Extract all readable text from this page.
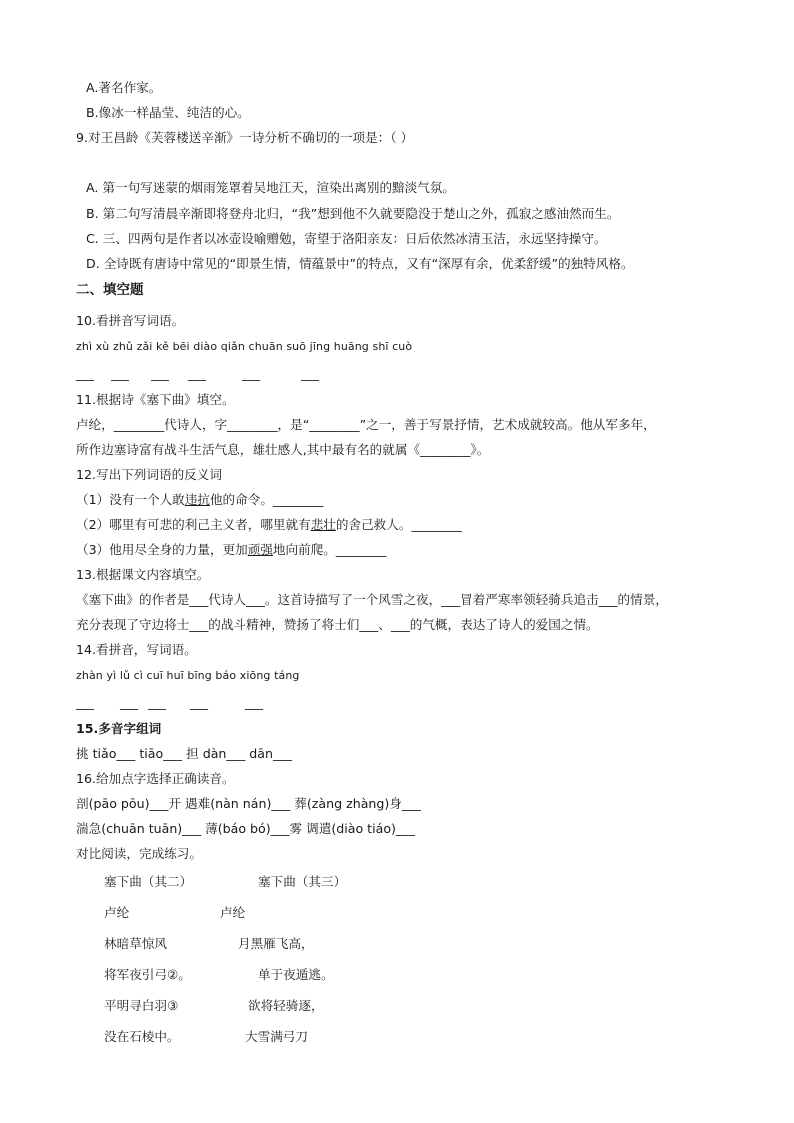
A.著名作家。
B.像冰一样晶莹、纯洁的心。
9.对王昌龄《芙蓉楼送辛渐》一诗分析不确切的一项是：（ ）
A. 第一句写迷蒙的烟雨笼罩着吴地江天，渲染出离别的黯淡气氛。
B. 第二句写清晨辛渐即将登舟北归，“我”想到他不久就要隐没于楚山之外，孤寂之感油然而生。
C. 三、四两句是作者以冰壶设喻赠勉，寄望于洛阳亲友：日后依然冰清玉洁，永远坚持操守。
D. 全诗既有唐诗中常见的“即景生情，情蕴景中”的特点，又有“深厚有余，优柔舒缓”的独特风格。
二、填空题
10.看拼音写词语。
zhì xù zhǔ zǎi kě bēi diào qiǎn chuān suō jīng huāng shī cuò
___ ___ ___ ___	___	___
11.根据诗《塞下曲》填空。
卢纶，________代诗人，字________，是“________”之一，善于写景抒情，艺术成就较高。他从军多年，
所作边塞诗富有战斗生活气息，雄壮感人,其中最有名的就属《________》。
12.写出下列词语的反义词
（1）没有一个人敢违抗他的命令。________
（2）哪里有可悲的利己主义者，哪里就有悲壮的舍己救人。________
（3）他用尽全身的力量，更加顽强地向前爬。________
13.根据课文内容填空。
《塞下曲》的作者是___代诗人___。这首诗描写了一个风雪之夜，___冒着严寒率领轻骑兵追击___的情景，
充分表现了守边将士___的战斗精神，赞扬了将士们___、___的气概，表达了诗人的爱国之情。
14.看拼音，写词语。
zhàn yì lǔ cì cuī huī bīng báo xiōng táng
___ ___ ___ ___	___
15.多音字组词
挑 tiǎo___ tiāo___ 担 dàn___ dān___
16.给加点字选择正确读音。
剖(pāo pōu)___开 遇难(nàn nán)___ 葬(zàng zhàng)身___
湍急(chuān tuān)___ 薄(báo bó)___雾 调遣(diào tiáo)___
对比阅读，完成练习。
塞下曲（其二）	塞下曲（其三）
卢纶	卢纶
林暗草惊风	月黑雁飞高，
将军夜引弓②。	单于夜遁逃。
平明寻白羽③	欲将轻骑逐，
没在石棱中。	大雪满弓刀
